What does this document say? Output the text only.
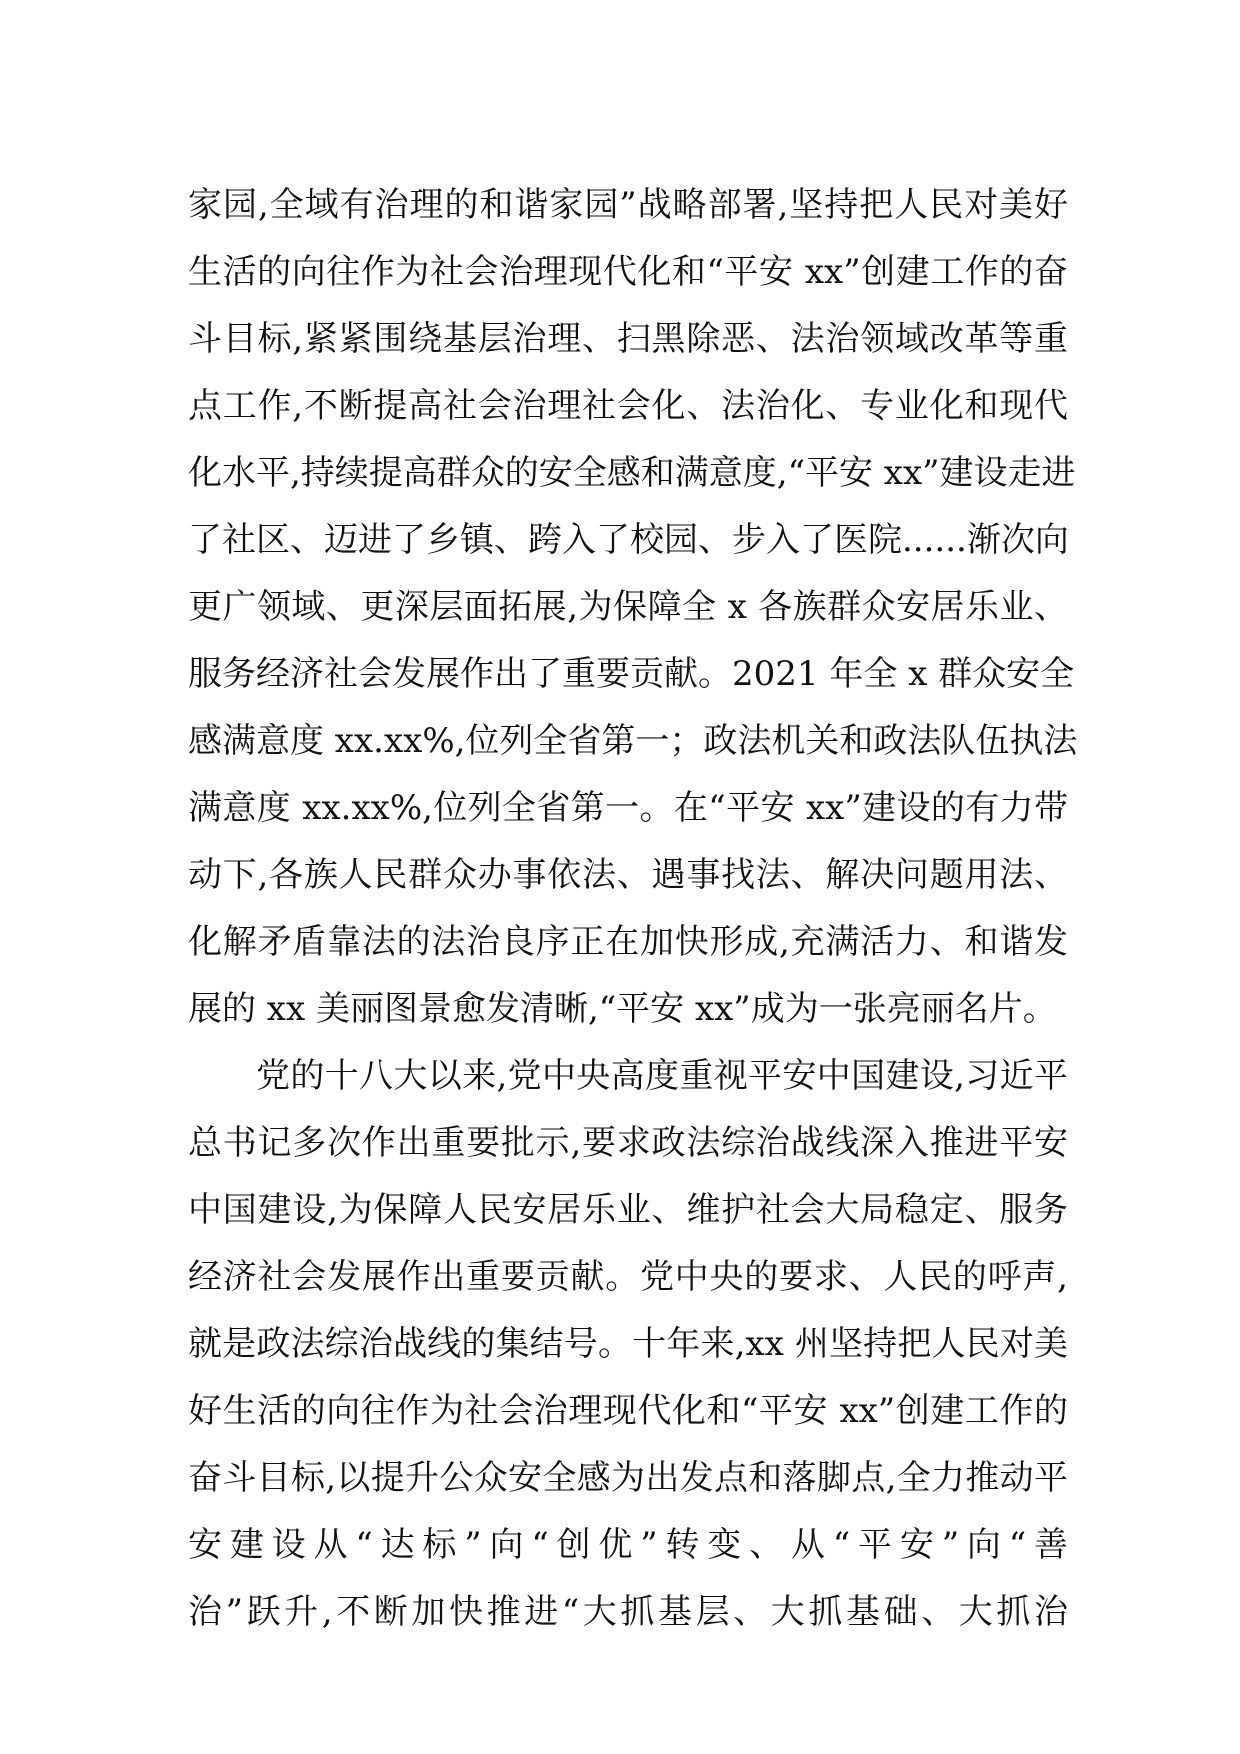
家园,全域有治理的和谐家园”战略部署,坚持把人民对美好
生活的向往作为社会治理现代化和“平安 xx”创建工作的奋
斗目标,紧紧围绕基层治理、扫黑除恶、法治领域改革等重
点工作,不断提高社会治理社会化、法治化、专业化和现代
化水平,持续提高群众的安全感和满意度,“平安 xx”建设走进
了社区、迈进了乡镇、跨入了校园、步入了医院......渐次向
更广领域、更深层面拓展,为保障全 x 各族群众安居乐业、
服务经济社会发展作出了重要贡献。2021 年全 x 群众安全
感满意度 xx.xx%,位列全省第一；政法机关和政法队伍执法
满意度 xx.xx%,位列全省第一。在“平安 xx”建设的有力带
动下,各族人民群众办事依法、遇事找法、解决问题用法、
化解矛盾靠法的法治良序正在加快形成,充满活力、和谐发
展的 xx 美丽图景愈发清晰,“平安 xx”成为一张亮丽名片。
党的十八大以来,党中央高度重视平安中国建设,习近平
总书记多次作出重要批示,要求政法综治战线深入推进平安
中国建设,为保障人民安居乐业、维护社会大局稳定、服务
经济社会发展作出重要贡献。党中央的要求、人民的呼声,
就是政法综治战线的集结号。十年来,xx 州坚持把人民对美
好生活的向往作为社会治理现代化和“平安 xx”创建工作的
奋斗目标,以提升公众安全感为出发点和落脚点,全力推动平
安建设从“达标”向“创优”转变、从“平安”向“善
治”跃升,不断加快推进“大抓基层、大抓基础、大抓治
